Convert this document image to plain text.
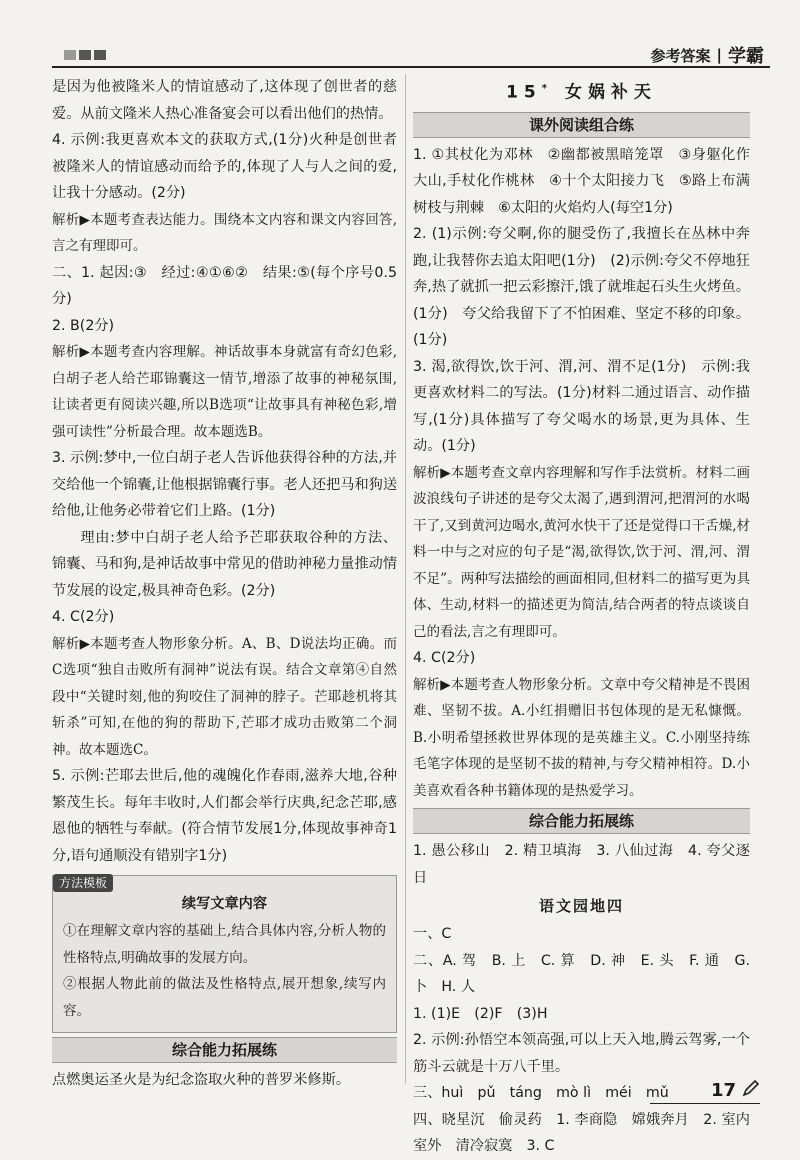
参考答案 | 学霸

是因为他被隆米人的情谊感动了,这体现了创世者的慈爱。从前文隆米人热心准备宴会可以看出他们的热情。

4. 示例:我更喜欢本文的获取方式,(1分)火种是创世者被隆米人的情谊感动而给予的,体现了人与人之间的爱,让我十分感动。(2分)

解析▶本题考查表达能力。围绕本文内容和课文内容回答,言之有理即可。

二、1. 起因:③　经过:④①⑥②　结果:⑤(每个序号0.5分)

2. B(2分)

解析▶本题考查内容理解。神话故事本身就富有奇幻色彩,白胡子老人给芒耶锦囊这一情节,增添了故事的神秘氛围,让读者更有阅读兴趣,所以B选项“让故事具有神秘色彩,增强可读性”分析最合理。故本题选B。

3. 示例:梦中,一位白胡子老人告诉他获得谷种的方法,并交给他一个锦囊,让他根据锦囊行事。老人还把马和狗送给他,让他务必带着它们上路。(1分)

理由:梦中白胡子老人给予芒耶获取谷种的方法、锦囊、马和狗,是神话故事中常见的借助神秘力量推动情节发展的设定,极具神奇色彩。(2分)

4. C(2分)

解析▶本题考查人物形象分析。A、B、D说法均正确。而C选项“独自击败所有洞神”说法有误。结合文章第④自然段中“关键时刻,他的狗咬住了洞神的脖子。芒耶趁机将其斩杀”可知,在他的狗的帮助下,芒耶才成功击败第二个洞神。故本题选C。

5. 示例:芒耶去世后,他的魂魄化作春雨,滋养大地,谷种繁茂生长。每年丰收时,人们都会举行庆典,纪念芒耶,感恩他的牺牲与奉献。(符合情节发展1分,体现故事神奇1分,语句通顺没有错别字1分)

方法模板
续写文章内容

①在理解文章内容的基础上,结合具体内容,分析人物的性格特点,明确故事的发展方向。

②根据人物此前的做法及性格特点,展开想象,续写内容。

综合能力拓展练

点燃奥运圣火是为纪念盗取火种的普罗米修斯。

15* 女娲补天
课外阅读组合练

1. ①其杖化为邓林　②幽都被黑暗笼罩　③身躯化作大山,手杖化作桃林　④十个太阳接力飞　⑤路上布满树枝与荆棘　⑥太阳的火焰灼人(每空1分)

2. (1)示例:夸父啊,你的腿受伤了,我擅长在丛林中奔跑,让我替你去追太阳吧(1分)　(2)示例:夸父不停地狂奔,热了就抓一把云彩擦汗,饿了就堆起石头生火烤鱼。(1分)　夸父给我留下了不怕困难、坚定不移的印象。(1分)

3. 渴,欲得饮,饮于河、渭,河、渭不足(1分)　示例:我更喜欢材料二的写法。(1分)材料二通过语言、动作描写,(1分)具体描写了夸父喝水的场景,更为具体、生动。(1分)

解析▶本题考查文章内容理解和写作手法赏析。材料二画波浪线句子讲述的是夸父太渴了,遇到渭河,把渭河的水喝干了,又到黄河边喝水,黄河水快干了还是觉得口干舌燥,材料一中与之对应的句子是“渴,欲得饮,饮于河、渭,河、渭不足”。两种写法描绘的画面相同,但材料二的描写更为具体、生动,材料一的描述更为简洁,结合两者的特点谈谈自己的看法,言之有理即可。

4. C(2分)

解析▶本题考查人物形象分析。文章中夸父精神是不畏困难、坚韧不拔。A.小红捐赠旧书包体现的是无私慷慨。B.小明希望拯救世界体现的是英雄主义。C.小刚坚持练毛笔字体现的是坚韧不拔的精神,与夸父精神相符。D.小美喜欢看各种书籍体现的是热爱学习。

综合能力拓展练

1. 愚公移山　2. 精卫填海　3. 八仙过海　4. 夸父逐日

语文园地四

一、C

二、A. 驾　B. 上　C. 算　D. 神　E. 头　F. 通　G. 卜　H. 人

1. (1)E　(2)F　(3)H

2. 示例:孙悟空本领高强,可以上天入地,腾云驾雾,一个筋斗云就是十万八千里。

三、huì　pǔ　táng　mò lì　méi　mǔ

四、晓星沉　偷灵药　1. 李商隐　嫦娥奔月　2. 室内　室外　清冷寂寞　3. C

17
